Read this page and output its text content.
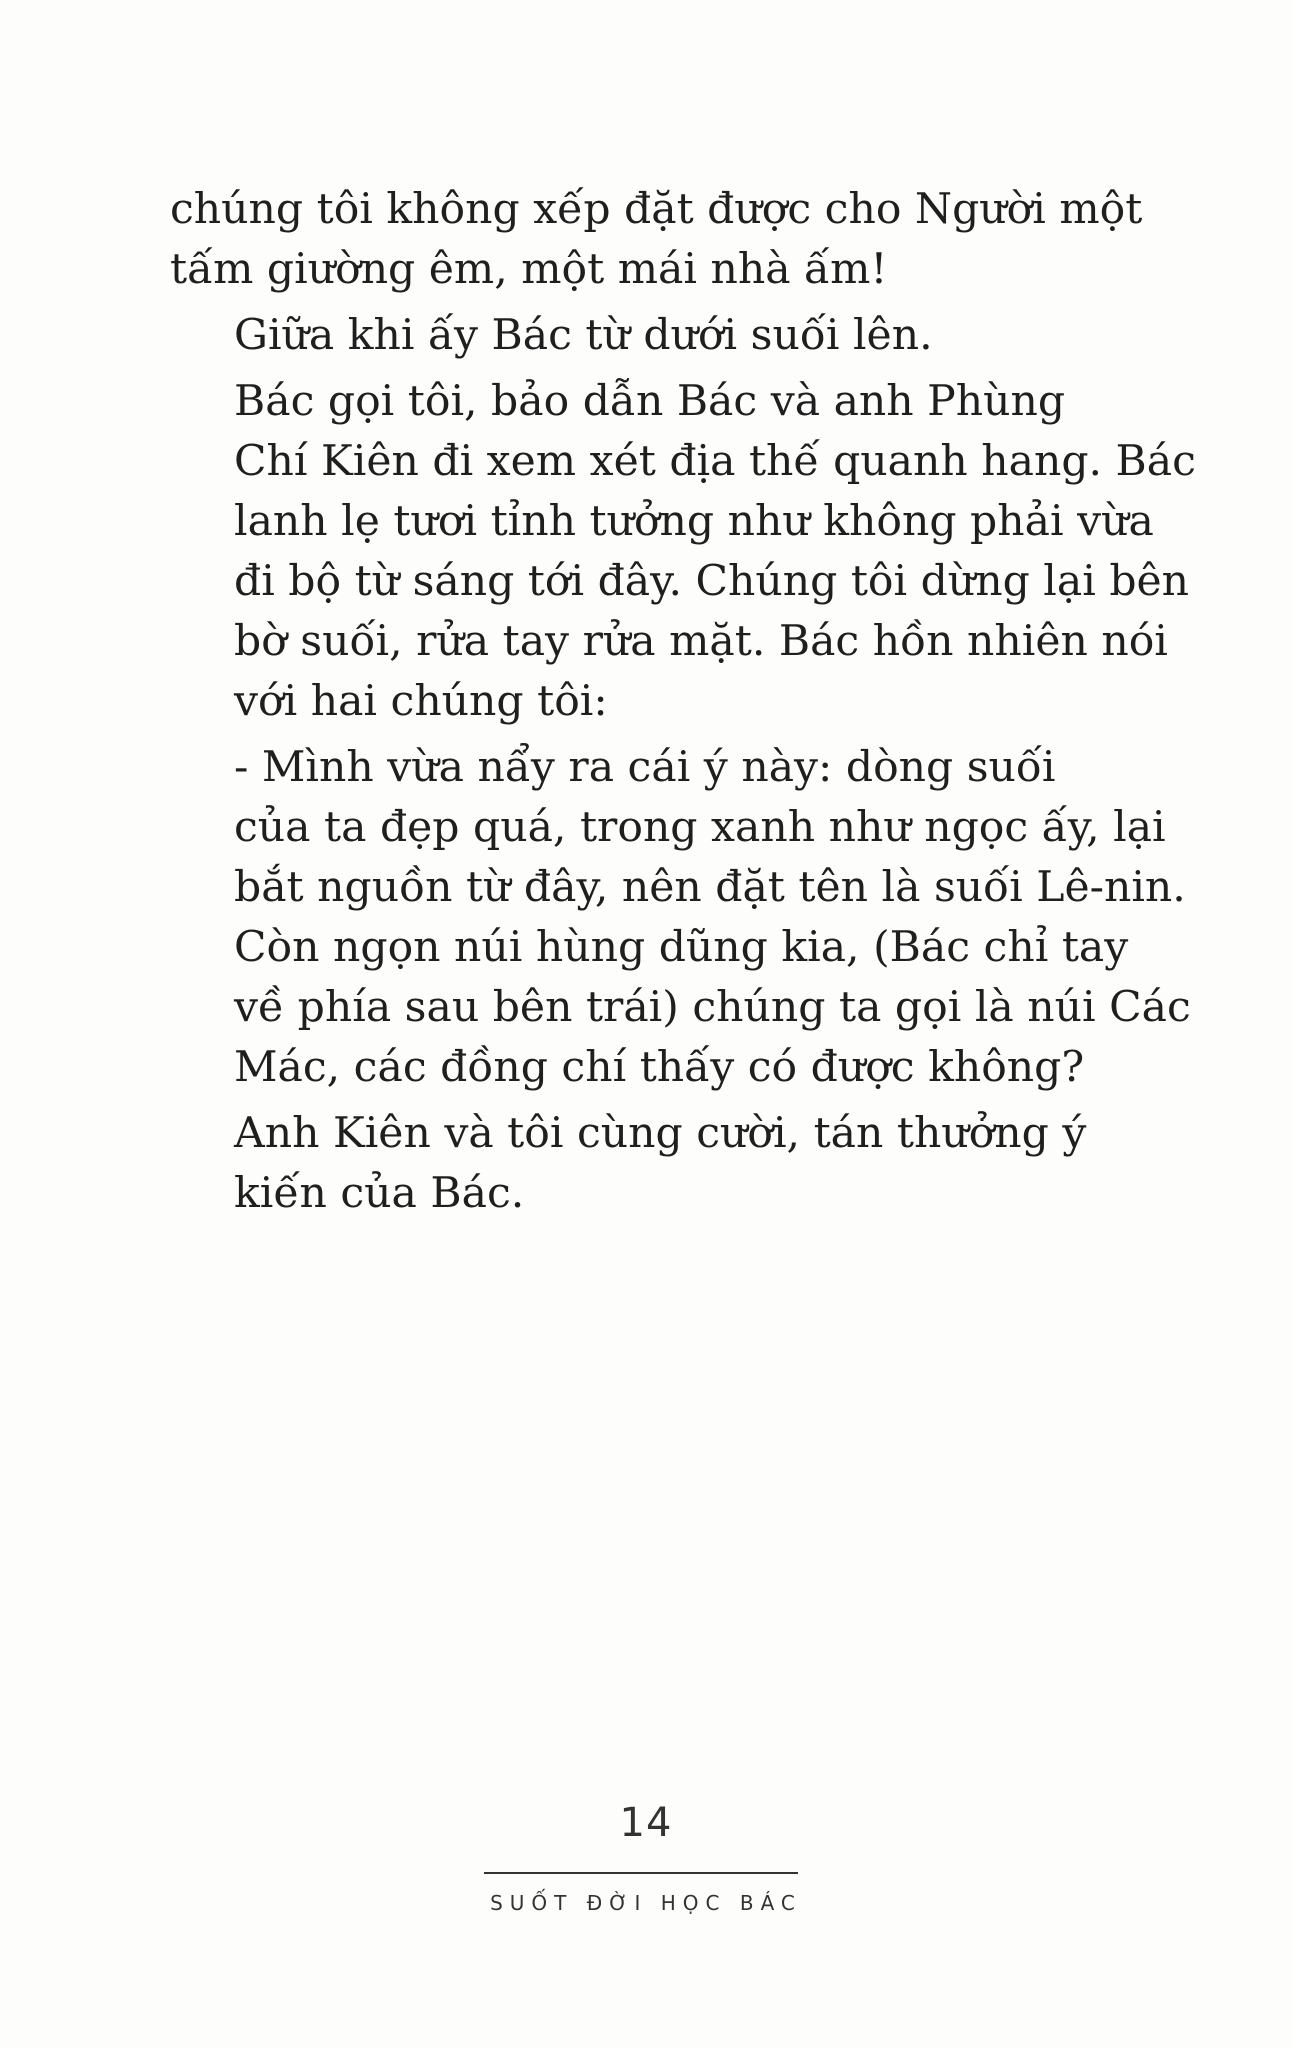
chúng tôi không xếp đặt được cho Người một
tấm giường êm, một mái nhà ấm!

Giữa khi ấy Bác từ dưới suối lên.

Bác gọi tôi, bảo dẫn Bác và anh Phùng
Chí Kiên đi xem xét địa thế quanh hang. Bác
lanh lẹ tươi tỉnh tưởng như không phải vừa
đi bộ từ sáng tới đây. Chúng tôi dừng lại bên
bờ suối, rửa tay rửa mặt. Bác hồn nhiên nói
với hai chúng tôi:

- Mình vừa nẩy ra cái ý này: dòng suối
của ta đẹp quá, trong xanh như ngọc ấy, lại
bắt nguồn từ đây, nên đặt tên là suối Lê-nin.
Còn ngọn núi hùng dũng kia, (Bác chỉ tay
về phía sau bên trái) chúng ta gọi là núi Các
Mác, các đồng chí thấy có được không?

Anh Kiên và tôi cùng cười, tán thưởng ý
kiến của Bác.

14
SUỐT ĐỜI HỌC BÁC
